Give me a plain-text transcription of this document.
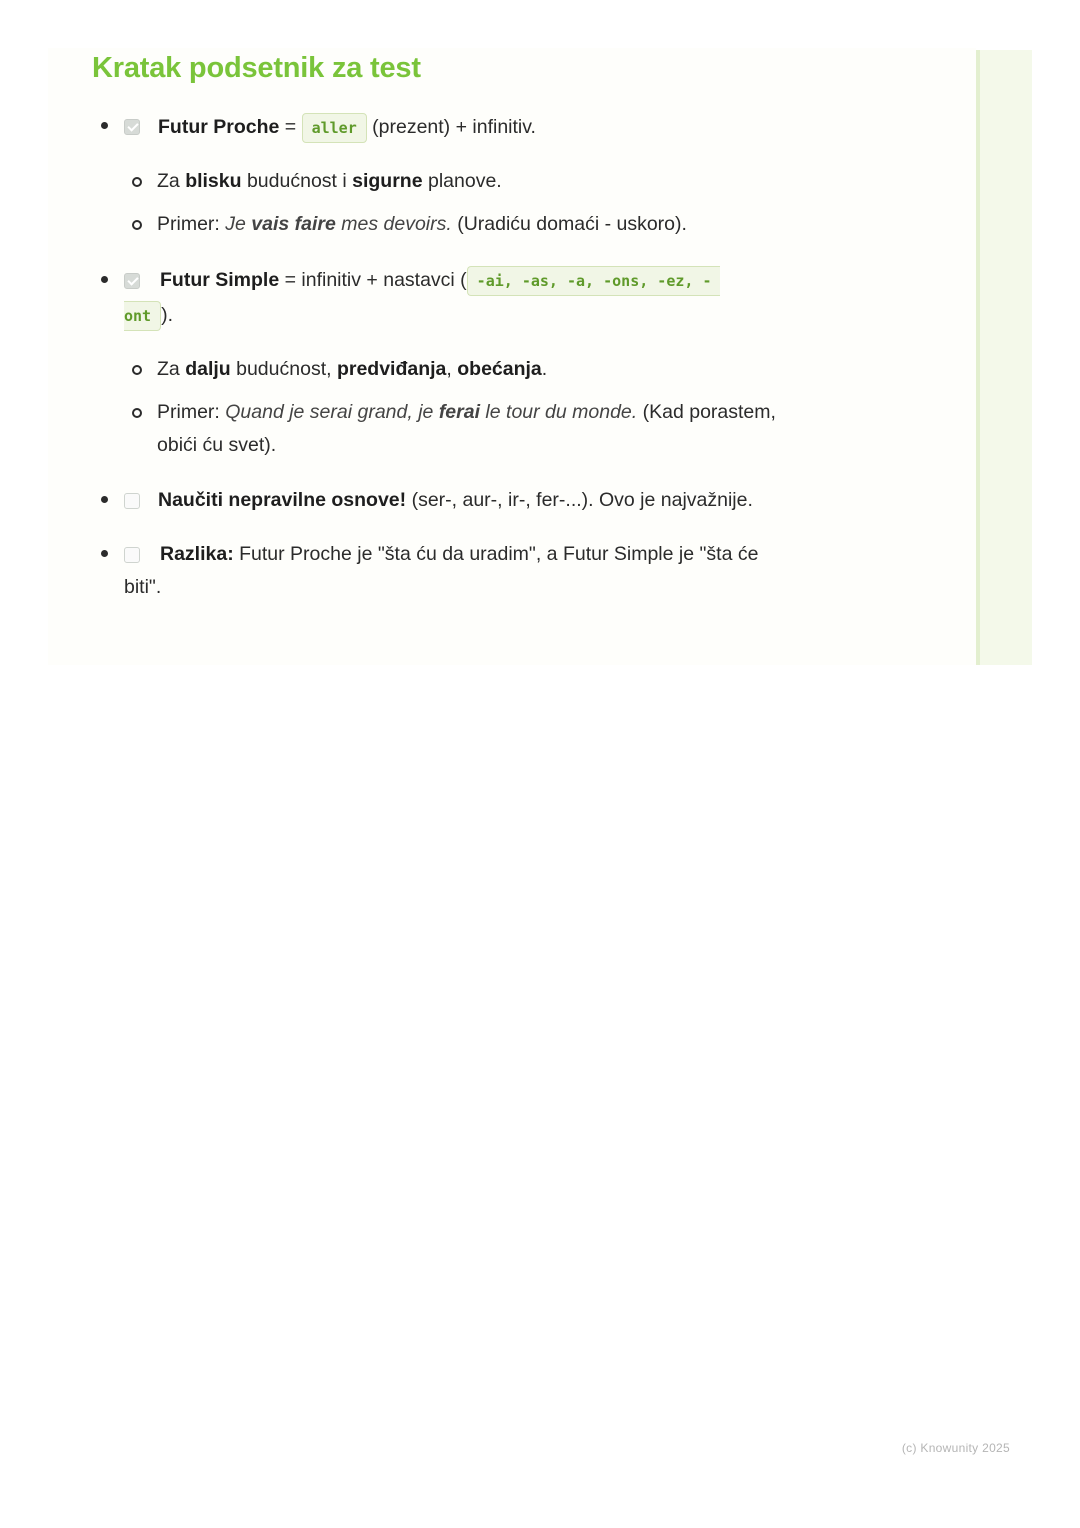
Kratak podsetnik za test
Futur Proche = aller (prezent) + infinitiv.
Za blisku budućnost i sigurne planove.
Primer: Je vais faire mes devoirs. (Uradiću domaći - uskoro).
Futur Simple = infinitiv + nastavci ( -ai, -as, -a, -ons, -ez, -
ont ).
Za dalju budućnost, predviđanja, obećanja.
Primer: Quand je serai grand, je ferai le tour du monde. (Kad porastem,
obići ću svet).
Naučiti nepravilne osnove! (ser-, aur-, ir-, fer-...). Ovo je najvažnije.
Razlika: Futur Proche je "šta ću da uradim", a Futur Simple je "šta će
biti".
(c) Knowunity 2025
